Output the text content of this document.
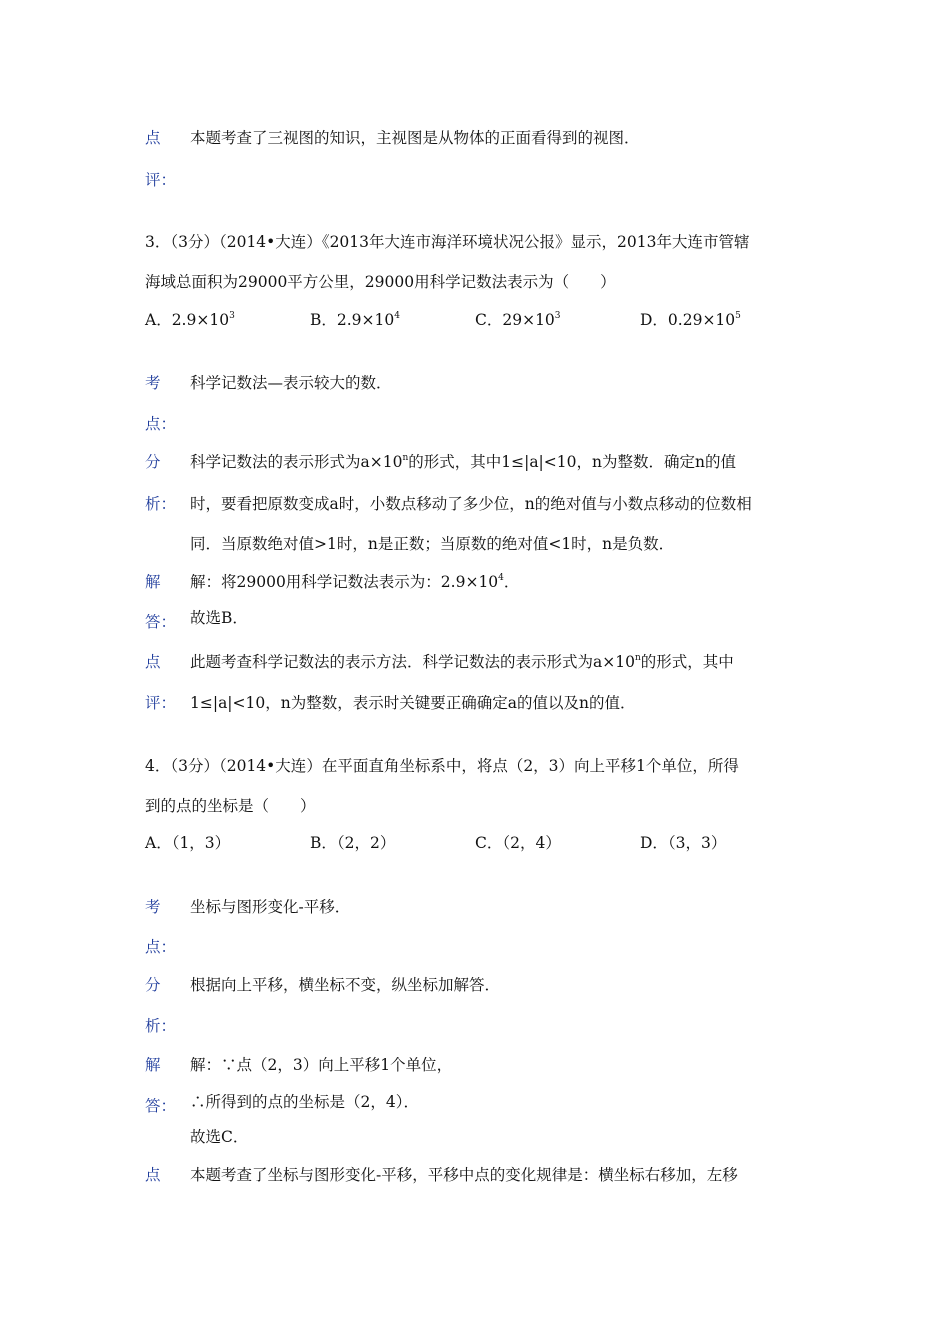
点 本题考查了三视图的知识，主视图是从物体的正面看得到的视图．
评：
3．（3分）（2014•大连）《2013年大连市海洋环境状况公报》显示，2013年大连市管辖
海域总面积为29000平方公里，29000用科学记数法表示为（　　）
A．$2.9\times 10^3$	B．$2.9\times 10^4$	C．$29\times 10^3$	D．$0.29\times 10^5$
考 科学记数法—表示较大的数．
点：
分 科学记数法的表示形式为$a\times 10^n$的形式，其中1≤|a|<10，n为整数．确定n的值
析： 时，要看把原数变成a时，小数点移动了多少位，n的绝对值与小数点移动的位数相
同．当原数绝对值>1时，n是正数；当原数的绝对值<1时，n是负数．
解 解：将29000用科学记数法表示为：$2.9\times 10^4$．
答： 故选B．
点 此题考查科学记数法的表示方法．科学记数法的表示形式为$a\times 10^n$的形式，其中
评： 1≤|a|<10，n为整数，表示时关键要正确确定a的值以及n的值．
4．（3分）（2014•大连）在平面直角坐标系中，将点（2，3）向上平移1个单位，所得
到的点的坐标是（　　）
A．（1，3）	B．（2，2）	C．（2，4）	D．（3，3）
考 坐标与图形变化-平移．
点：
分 根据向上平移，横坐标不变，纵坐标加解答．
析：
解 解：∵点（2，3）向上平移1个单位，
答： ∴所得到的点的坐标是（2，4）．
故选C．
点 本题考查了坐标与图形变化-平移，平移中点的变化规律是：横坐标右移加，左移
